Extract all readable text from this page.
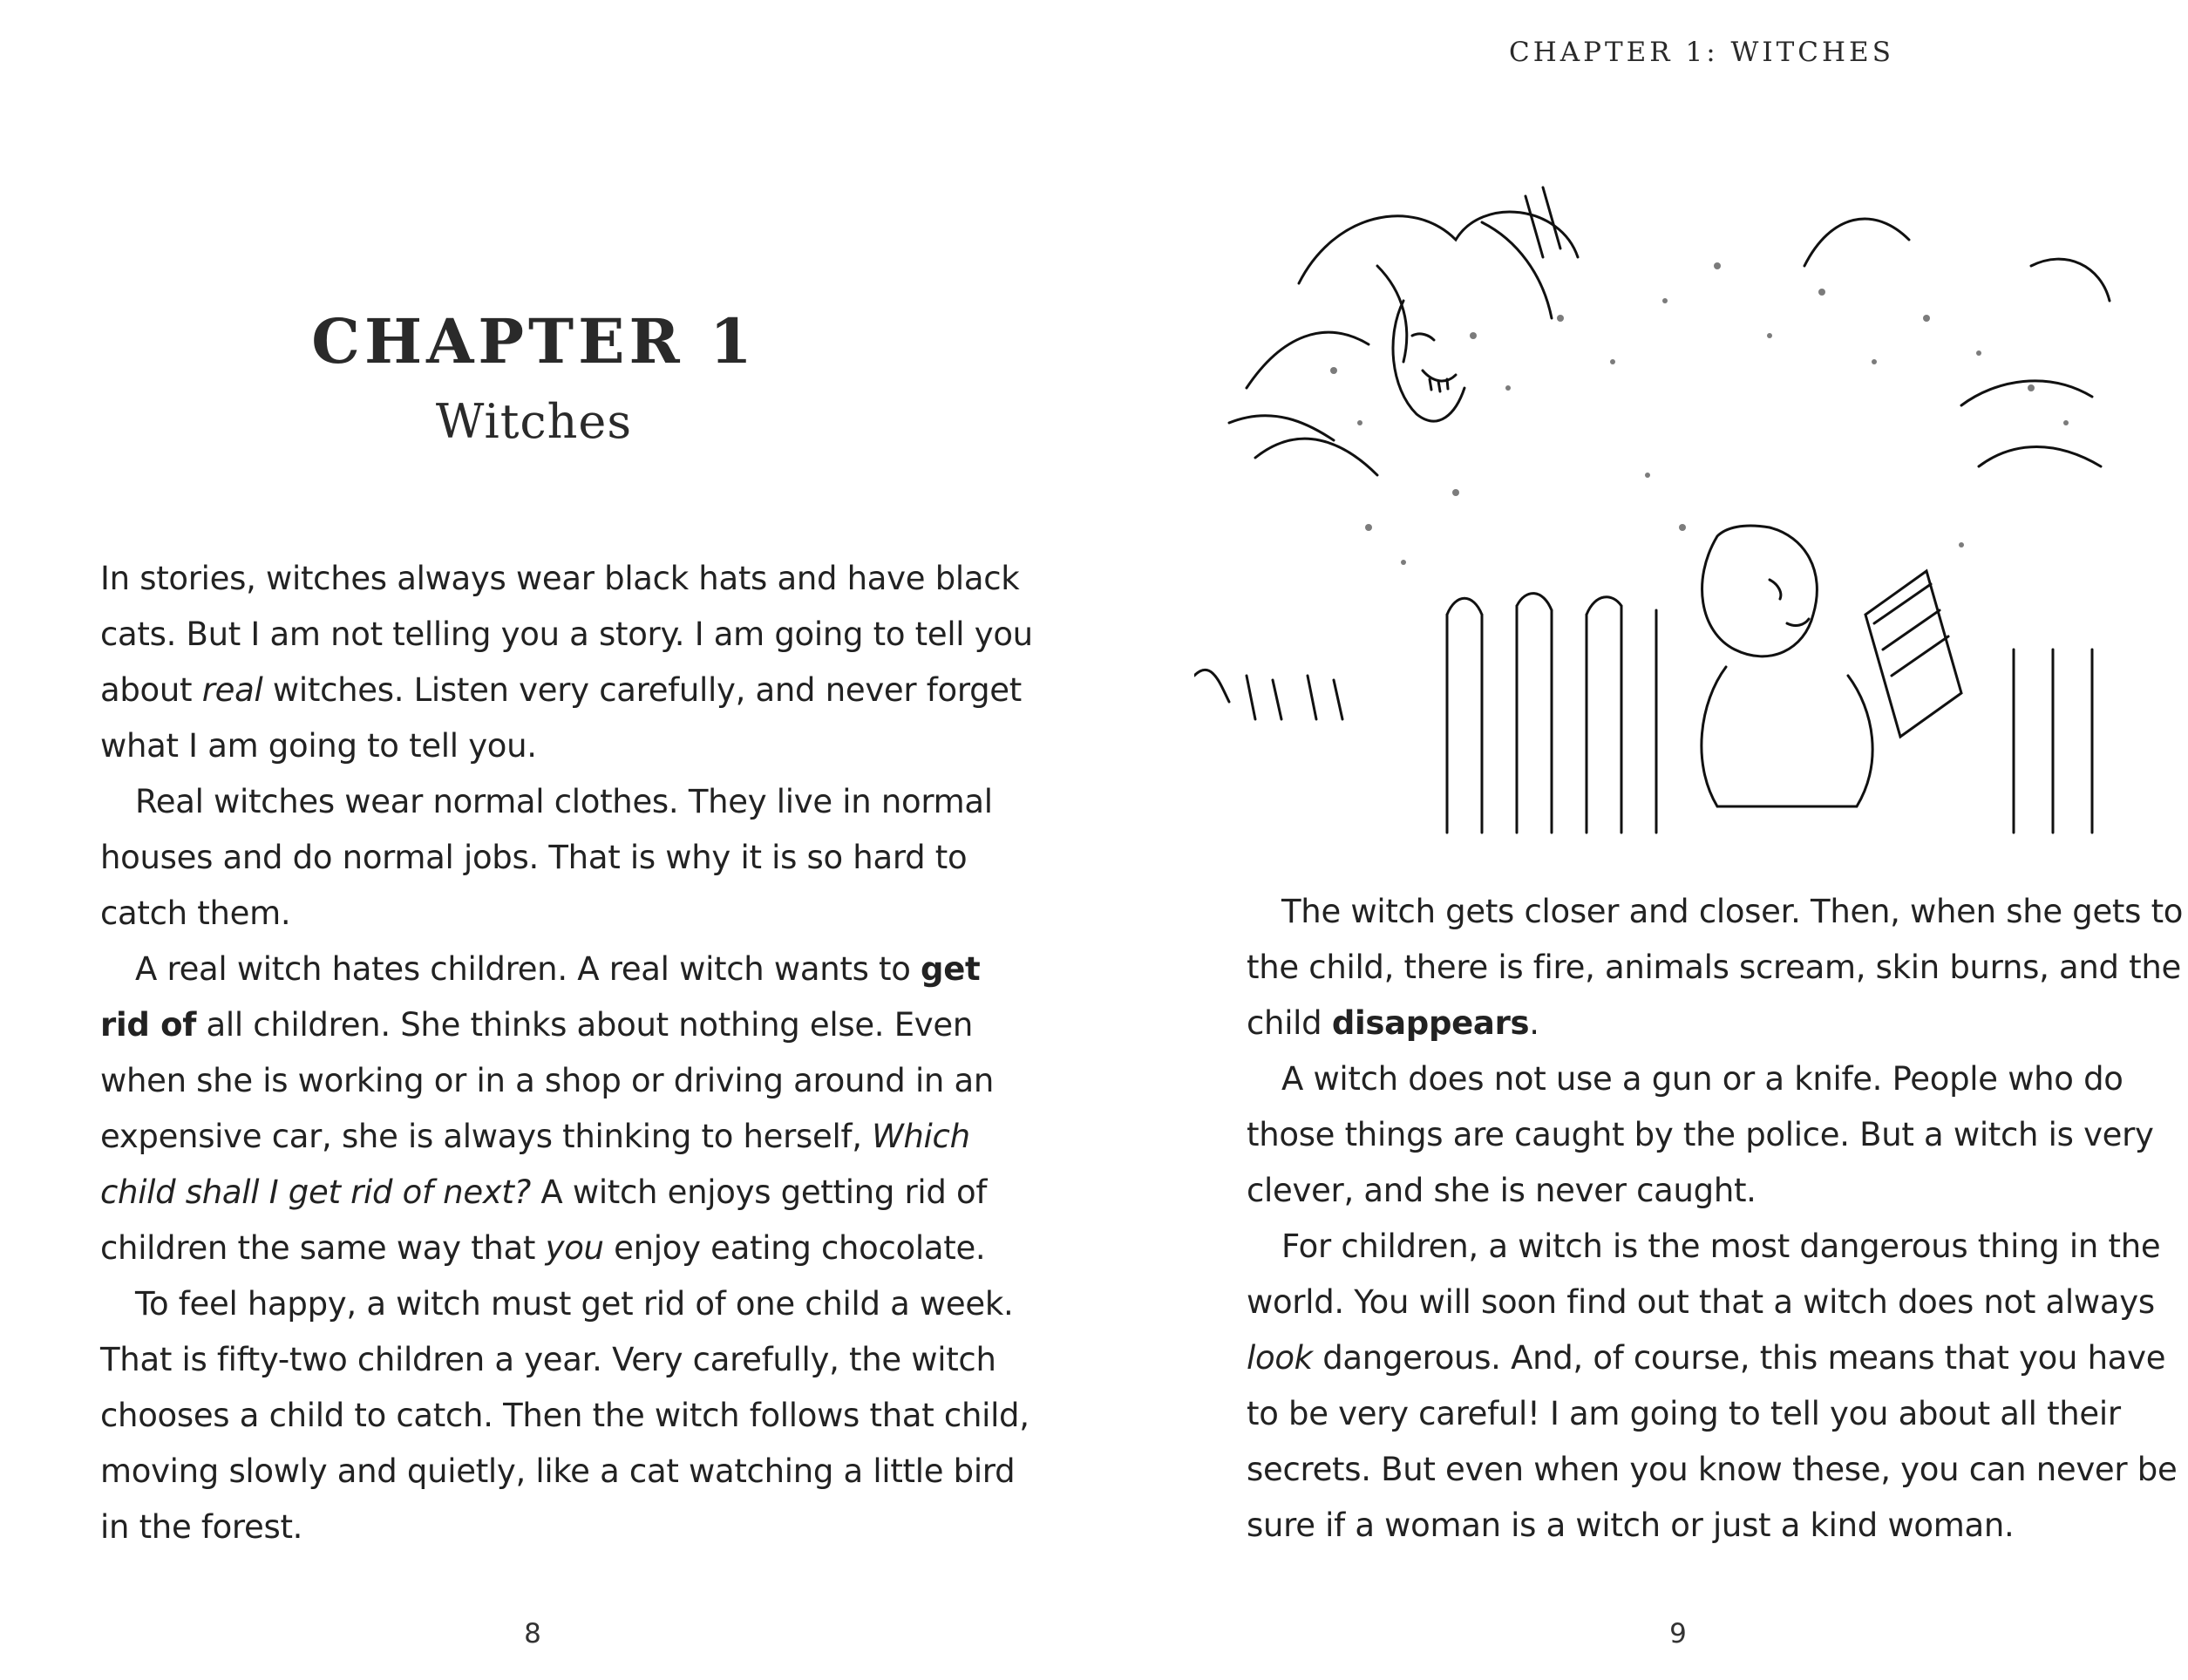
CHAPTER 1: WITCHES
CHAPTER 1
Witches

In stories, witches always wear black hats and have black

cats. But I am not telling you a story. I am going to tell you

about real witches. Listen very carefully, and never forget

what I am going to tell you.

Real witches wear normal clothes. They live in normal

houses and do normal jobs. That is why it is so hard to

catch them.

A real witch hates children. A real witch wants to get

rid of all children. She thinks about nothing else. Even

when she is working or in a shop or driving around in an

expensive car, she is always thinking to herself, Which

child shall I get rid of next? A witch enjoys getting rid of

children the same way that you enjoy eating chocolate.

To feel happy, a witch must get rid of one child a week.

That is fifty-two children a year. Very carefully, the witch

chooses a child to catch. Then the witch follows that child,

moving slowly and quietly, like a cat watching a little bird

in the forest.

The witch gets closer and closer. Then, when she gets to

the child, there is fire, animals scream, skin burns, and the

child disappears.

A witch does not use a gun or a knife. People who do

those things are caught by the police. But a witch is very

clever, and she is never caught.

For children, a witch is the most dangerous thing in the

world. You will soon find out that a witch does not always

look dangerous. And, of course, this means that you have

to be very careful! I am going to tell you about all their

secrets. But even when you know these, you can never be

sure if a woman is a witch or just a kind woman.

8	9
